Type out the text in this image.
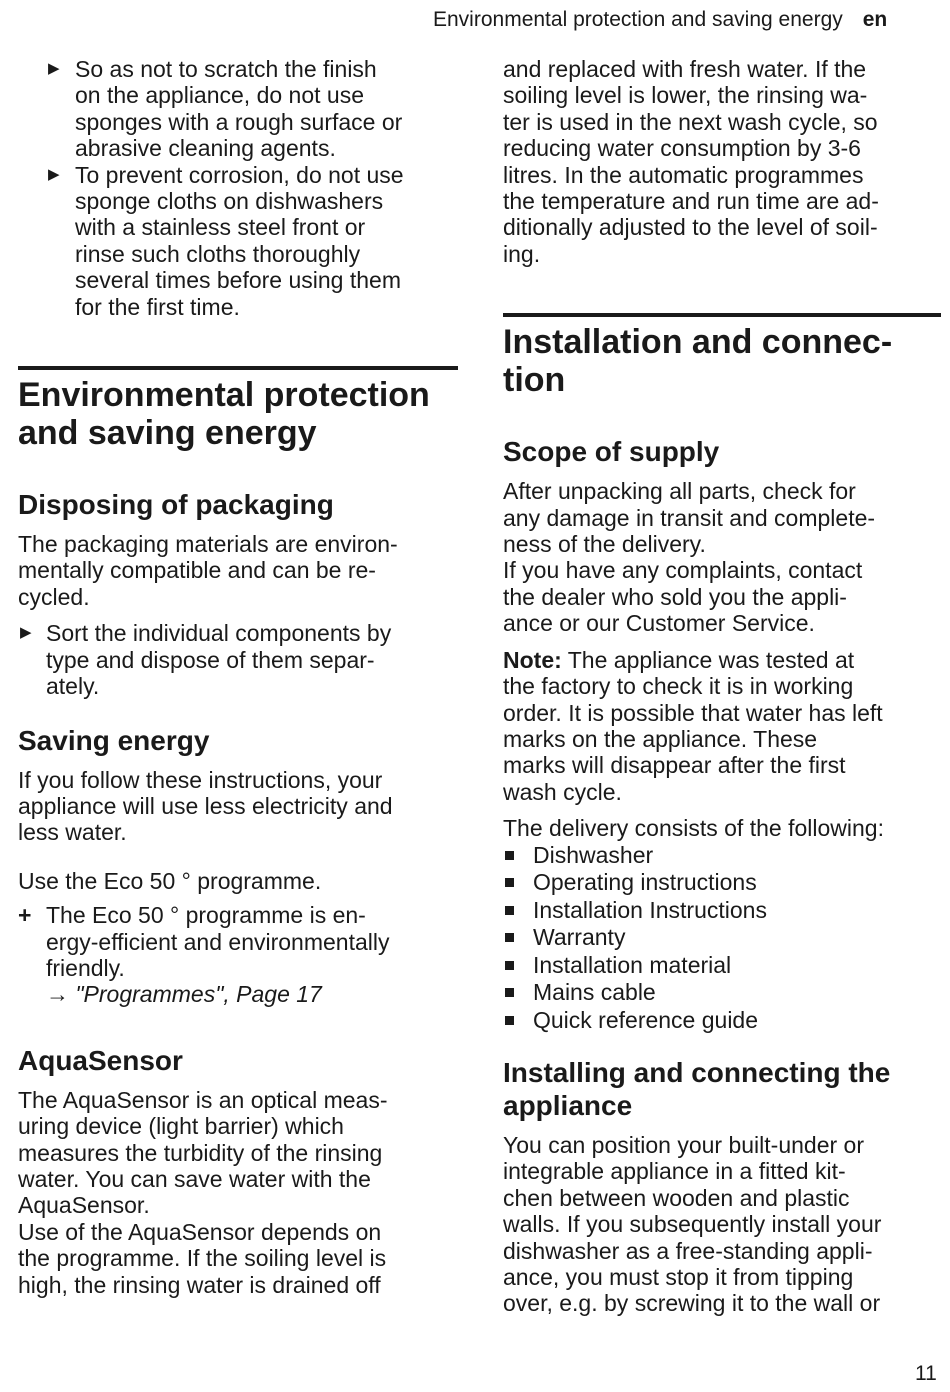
Environmental protection and saving energy en
▶ So as not to scratch the finish
on the appliance, do not use
sponges with a rough surface or
abrasive cleaning agents.
▶ To prevent corrosion, do not use
sponge cloths on dishwashers
with a stainless steel front or
rinse such cloths thoroughly
several times before using them
for the first time.
Environmental protection
and saving energy
Disposing of packaging

The packaging materials are environ-
mentally compatible and can be re-
cycled.

▶ Sort the individual components by
type and dispose of them separ-
ately.
Saving energy

If you follow these instructions, your
appliance will use less electricity and
less water.

Use the Eco 50 ° programme.

+ The Eco 50 ° programme is en-
ergy-efficient and environmentally
friendly.
→ "Programmes", Page 17
AquaSensor

The AquaSensor is an optical meas-
uring device (light barrier) which
measures the turbidity of the rinsing
water. You can save water with the
AquaSensor.
Use of the AquaSensor depends on
the programme. If the soiling level is
high, the rinsing water is drained off

and replaced with fresh water. If the
soiling level is lower, the rinsing wa-
ter is used in the next wash cycle, so
reducing water consumption by 3-6
litres. In the automatic programmes
the temperature and run time are ad-
ditionally adjusted to the level of soil-
ing.

Installation and connec-
tion
Scope of supply

After unpacking all parts, check for
any damage in transit and complete-
ness of the delivery.
If you have any complaints, contact
the dealer who sold you the appli-
ance or our Customer Service.

Note: The appliance was tested at
the factory to check it is in working
order. It is possible that water has left
marks on the appliance. These
marks will disappear after the first
wash cycle.

The delivery consists of the following:

Dishwasher
Operating instructions
Installation Instructions
Warranty
Installation material
Mains cable
Quick reference guide
Installing and connecting the
appliance

You can position your built-under or
integrable appliance in a fitted kit-
chen between wooden and plastic
walls. If you subsequently install your
dishwasher as a free-standing appli-
ance, you must stop it from tipping
over, e.g. by screwing it to the wall or

11
